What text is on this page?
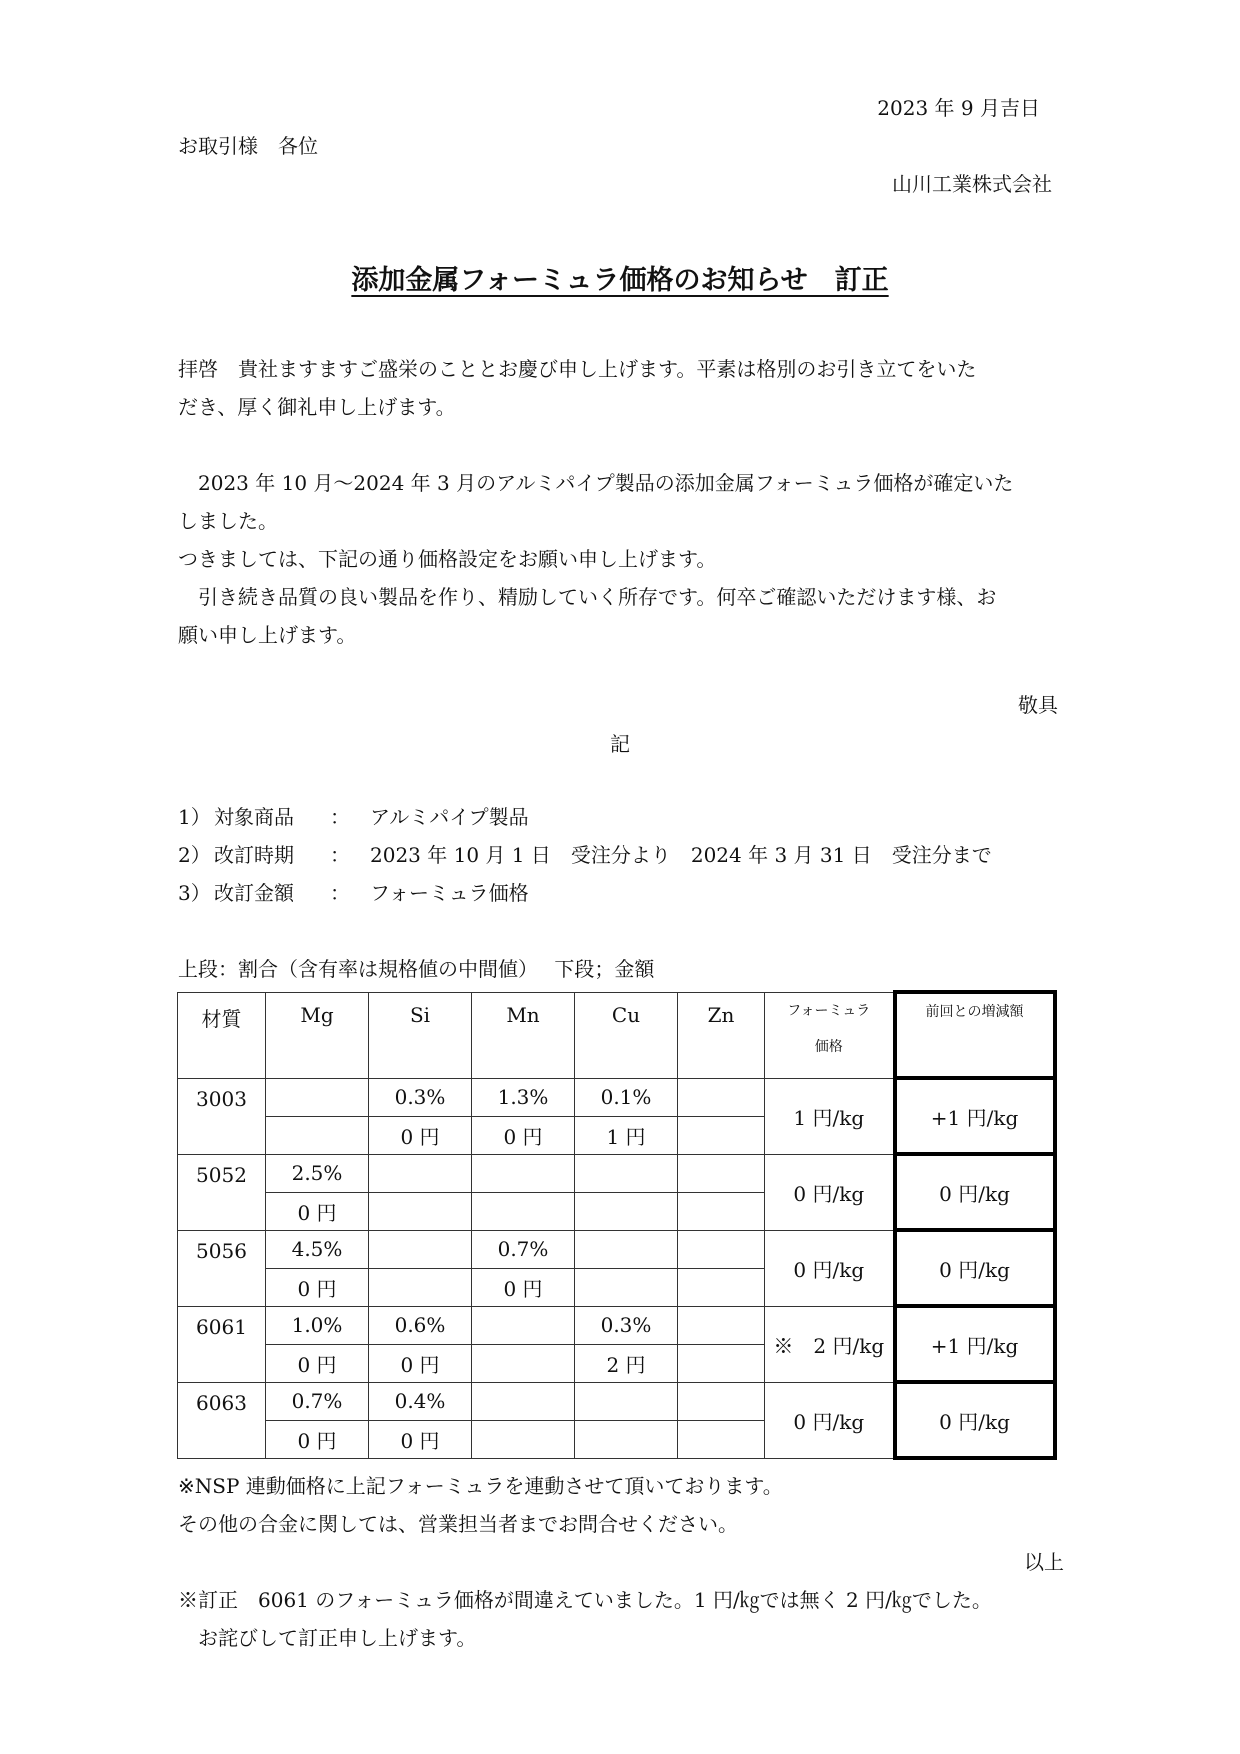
2023 年 9 月吉日
お取引様　各位
山川工業株式会社
添加金属フォーミュラ価格のお知らせ　訂正
拝啓　貴社ますますご盛栄のこととお慶び申し上げます。平素は格別のお引き立てをいた
だき、厚く御礼申し上げます。
　2023 年 10 月～2024 年 3 月のアルミパイプ製品の添加金属フォーミュラ価格が確定いた
しました。
つきましては、下記の通り価格設定をお願い申し上げます。
　引き続き品質の良い製品を作り、精励していく所存です。何卒ご確認いただけます様、お
願い申し上げます。
敬具
記
1） 対象商品 ： アルミパイプ製品
2） 改訂時期 ： 2023 年 10 月 1 日　受注分より　2024 年 3 月 31 日　受注分まで
3） 改訂金額 ： フォーミュラ価格
上段：割合（含有率は規格値の中間値）　 下段；金額
材質	Mg	Si	Mn	Cu	Zn	フォーミュラ
価格	前回との増減額

3003		0.3%	1.3%	0.1%		1 円/kg	+1 円/kg
		0 円	0 円	1 円			
5052	2.5%					0 円/kg	0 円/kg
	0 円						
5056	4.5%		0.7%			0 円/kg	0 円/kg
	0 円		0 円				
6061	1.0%	0.6%		0.3%		※　2 円/kg	+1 円/kg
	0 円	0 円		2 円			
6063	0.7%	0.4%				0 円/kg	0 円/kg
	0 円	0 円					
※NSP 連動価格に上記フォーミュラを連動させて頂いております。
その他の合金に関しては、営業担当者までお問合せください。
以上
※訂正　6061 のフォーミュラ価格が間違えていました。1 円/㎏では無く 2 円/㎏でした。
　お詫びして訂正申し上げます。
